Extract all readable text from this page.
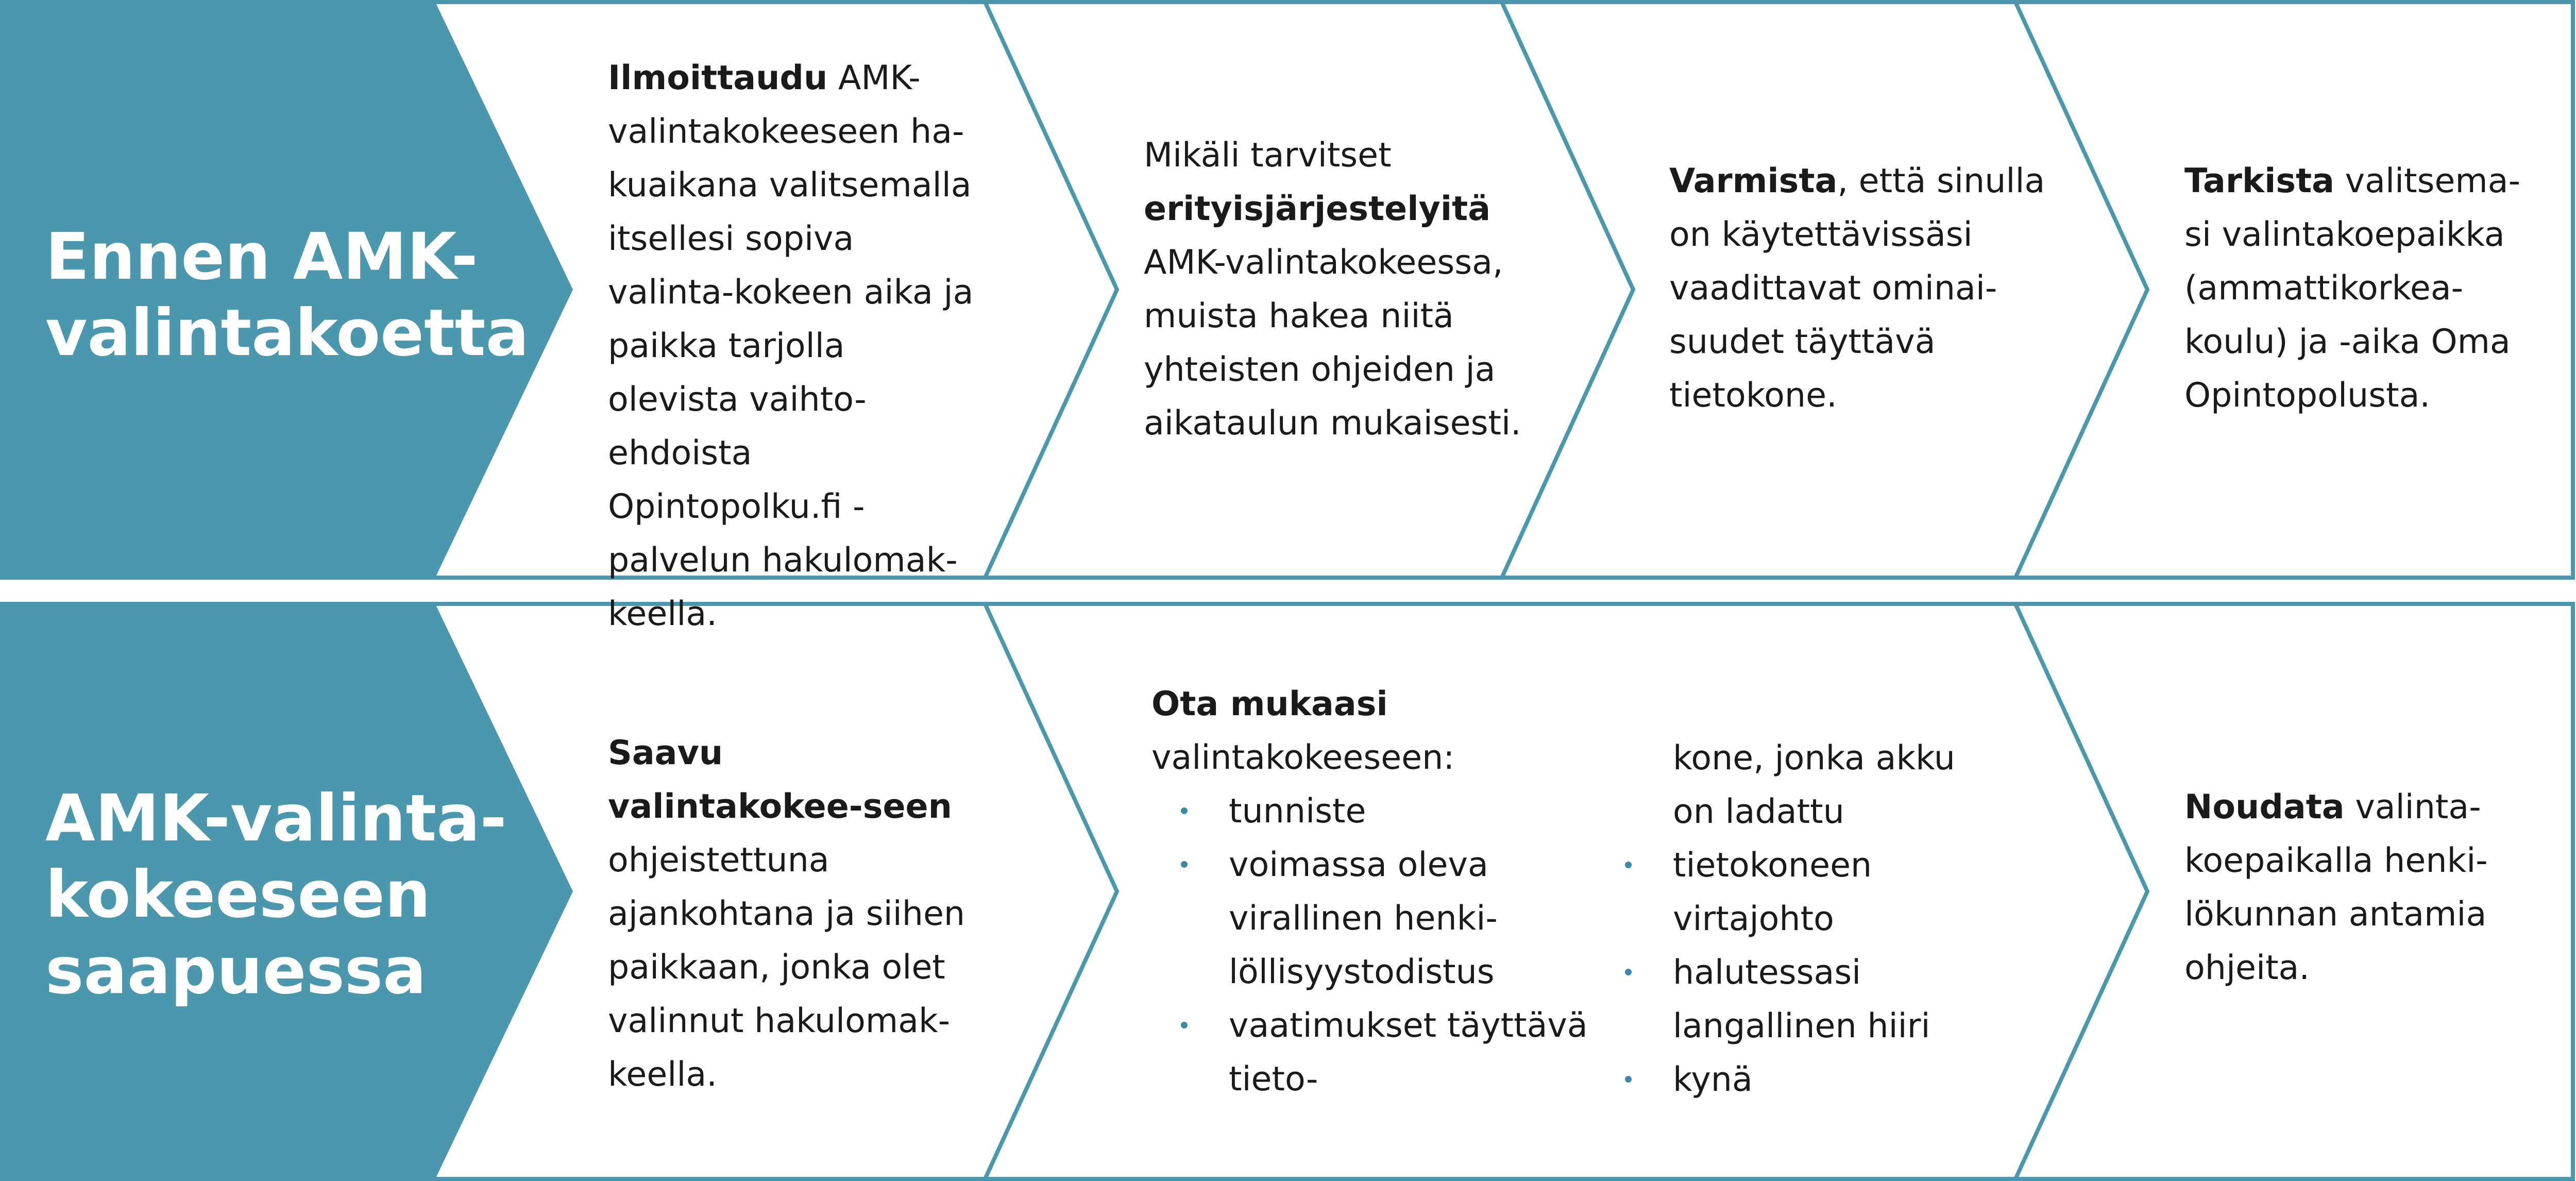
Ennen AMK-
valintakoetta
Ilmoittaudu AMK-valintakokeeseen ha-kuaikana valitsemalla itsellesi sopiva valinta-kokeen aika ja paikka tarjolla olevista vaihto-ehdoista Opintopolku.fi -palvelun hakulomak-keella.
Mikäli tarvitset
erityisjärjestelyitä
AMK-valintakokeessa, muista hakea niitä yhteisten ohjeiden ja aikataulun mukaisesti.
Varmista, että sinulla on käytettävissäsi vaadittavat ominai-suudet täyttävä tietokone.
Tarkista valitsema-si valintakoepaikka (ammattikorkea-koulu) ja -aika Oma Opintopolusta.
AMK-valinta-
kokeeseen
saapuessa
Saavu valintakokee-seen ohjeistettuna ajankohtana ja siihen paikkaan, jonka olet valinnut hakulomak-keella.
Ota mukaasi
valintakokeeseen:
tunniste
voimassa oleva virallinen henki-löllisyystodistus
vaatimukset täyttävä tieto-
kone, jonka akku on ladattu
tietokoneen virtajohto
halutessasi langallinen hiiri
kynä
Noudata valinta-koepaikalla henki-lökunnan antamia ohjeita.
